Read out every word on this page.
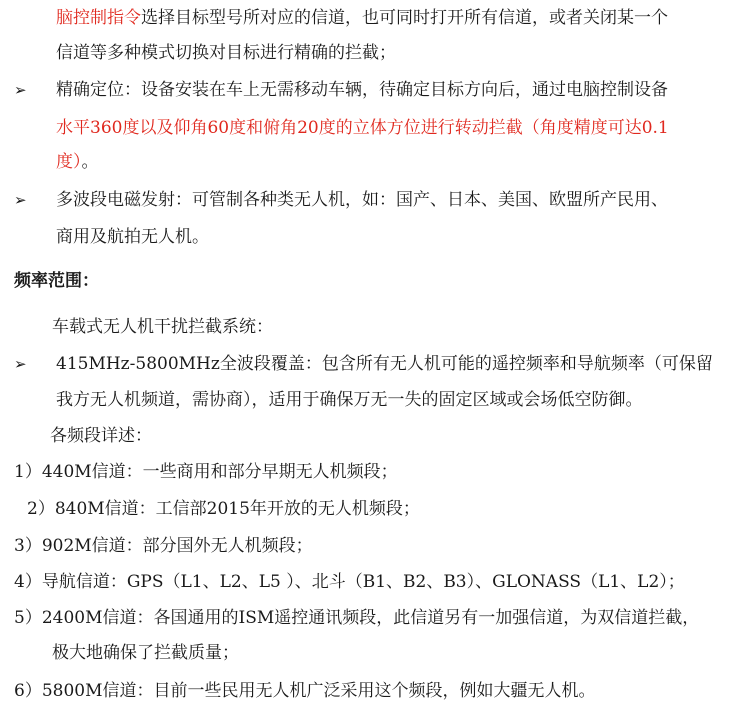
脑控制指令选择目标型号所对应的信道，也可同时打开所有信道，或者关闭某一个
信道等多种模式切换对目标进行精确的拦截；
➢ 精确定位：设备安装在车上无需移动车辆，待确定目标方向后，通过电脑控制设备
水平360度以及仰角60度和俯角20度的立体方位进行转动拦截（角度精度可达0.1
度）。
➢ 多波段电磁发射：可管制各种类无人机，如：国产、日本、美国、欧盟所产民用、
商用及航拍无人机。
频率范围：
车载式无人机干扰拦截系统：
➢ 415MHz-5800MHz全波段覆盖：包含所有无人机可能的遥控频率和导航频率（可保留
我方无人机频道，需协商），适用于确保万无一失的固定区域或会场低空防御。
各频段详述：
1）440M信道：一些商用和部分早期无人机频段；
2）840M信道：工信部2015年开放的无人机频段；
3）902M信道：部分国外无人机频段；
4）导航信道：GPS（L1、L2、L5 ）、北斗（B1、B2、B3）、GLONASS（L1、L2）；
5）2400M信道：各国通用的ISM遥控通讯频段，此信道另有一加强信道，为双信道拦截，
极大地确保了拦截质量；
6）5800M信道：目前一些民用无人机广泛采用这个频段，例如大疆无人机。
